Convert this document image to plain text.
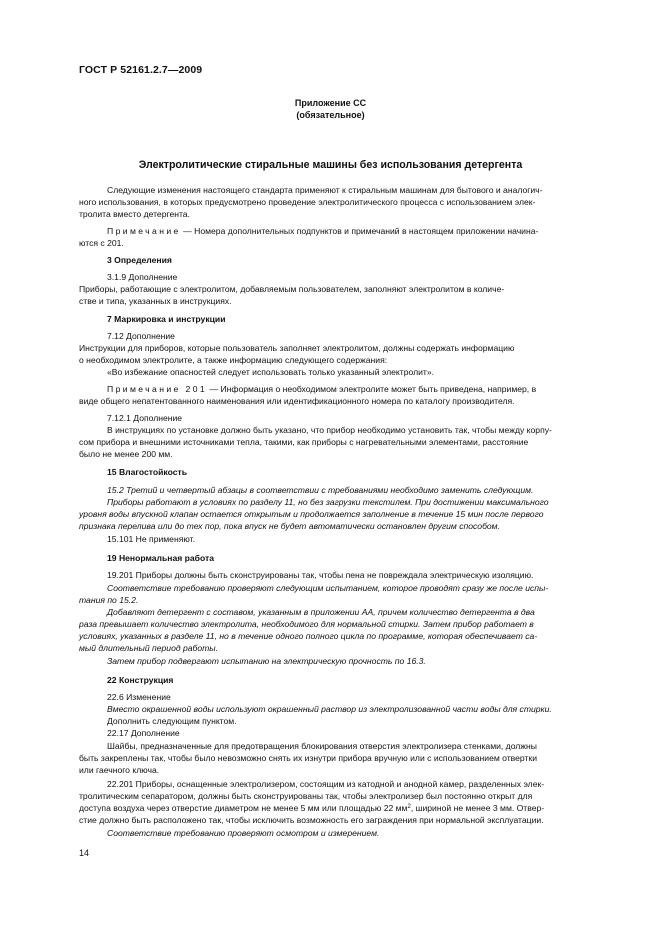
ГОСТ Р 52161.2.7—2009
Приложение СС
(обязательное)
Электролитические стиральные машины без использования детергента
Следующие изменения настоящего стандарта применяют к стиральным машинам для бытового и аналогич-
ного использования, в которых предусмотрено проведение электролитического процесса с использованием элек-
тролита вместо детергента.
Примечание — Номера дополнительных подпунктов и примечаний в настоящем приложении начина-
ются с 201.
3 Определения
3.1.9 Дополнение
Приборы, работающие с электролитом, добавляемым пользователем, заполняют электролитом в количе-
стве и типа, указанных в инструкциях.
7 Маркировка и инструкции
7.12 Дополнение
Инструкции для приборов, которые пользователь заполняет электролитом, должны содержать информацию
о необходимом электролите, а также информацию следующего содержания:
«Во избежание опасностей следует использовать только указанный электролит».
Примечание 201 — Информация о необходимом электролите может быть приведена, например, в
виде общего непатентованного наименования или идентификационного номера по каталогу производителя.
7.12.1 Дополнение
В инструкциях по установке должно быть указано, что прибор необходимо установить так, чтобы между корпу-
сом прибора и внешними источниками тепла, такими, как приборы с нагревательными элементами, расстояние
было не менее 200 мм.
15 Влагостойкость
15.2 Третий и четвертый абзацы в соответствии с требованиями необходимо заменить следующим.
Приборы работают в условиях по разделу 11, но без загрузки текстилем. При достижении максимального
уровня воды впускной клапан остается открытым и продолжается заполнение в течение 15 мин после первого
признака перелива или до тех пор, пока впуск не будет автоматически остановлен другим способом.
15.101 Не применяют.
19 Ненормальная работа
19.201 Приборы должны быть сконструированы так, чтобы пена не повреждала электрическую изоляцию.
Соответствие требованию проверяют следующим испытанием, которое проводят сразу же после испы-
тания по 15.2.
Добавляют детергент с составом, указанным в приложении АА, причем количество детергента в два
раза превышает количество электролита, необходимого для нормальной стирки. Затем прибор работает в
условиях, указанных в разделе 11, но в течение одного полного цикла по программе, которая обеспечивает са-
мый длительный период работы.
Затем прибор подвергают испытанию на электрическую прочность по 16.3.
22 Конструкция
22.6 Изменение
Вместо окрашенной воды используют окрашенный раствор из электролизованной части воды для стирки.
Дополнить следующим пунктом.
22.17 Дополнение
Шайбы, предназначенные для предотвращения блокирования отверстия электролизера стенками, должны
быть закреплены так, чтобы было невозможно снять их изнутри прибора вручную или с использованием отвертки
или гаечного ключа.
22.201 Приборы, оснащенные электролизером, состоящим из катодной и анодной камер, разделенных элек-
тролитическим сепаратором, должны быть сконструированы так, чтобы электролизер был постоянно открыт для
доступа воздуха через отверстие диаметром не менее 5 мм или площадью 22 $мм^2$, шириной не менее 3 мм. Отвер-
стие должно быть расположено так, чтобы исключить возможность его заграждения при нормальной эксплуатации.
Соответствие требованию проверяют осмотром и измерением.
14
